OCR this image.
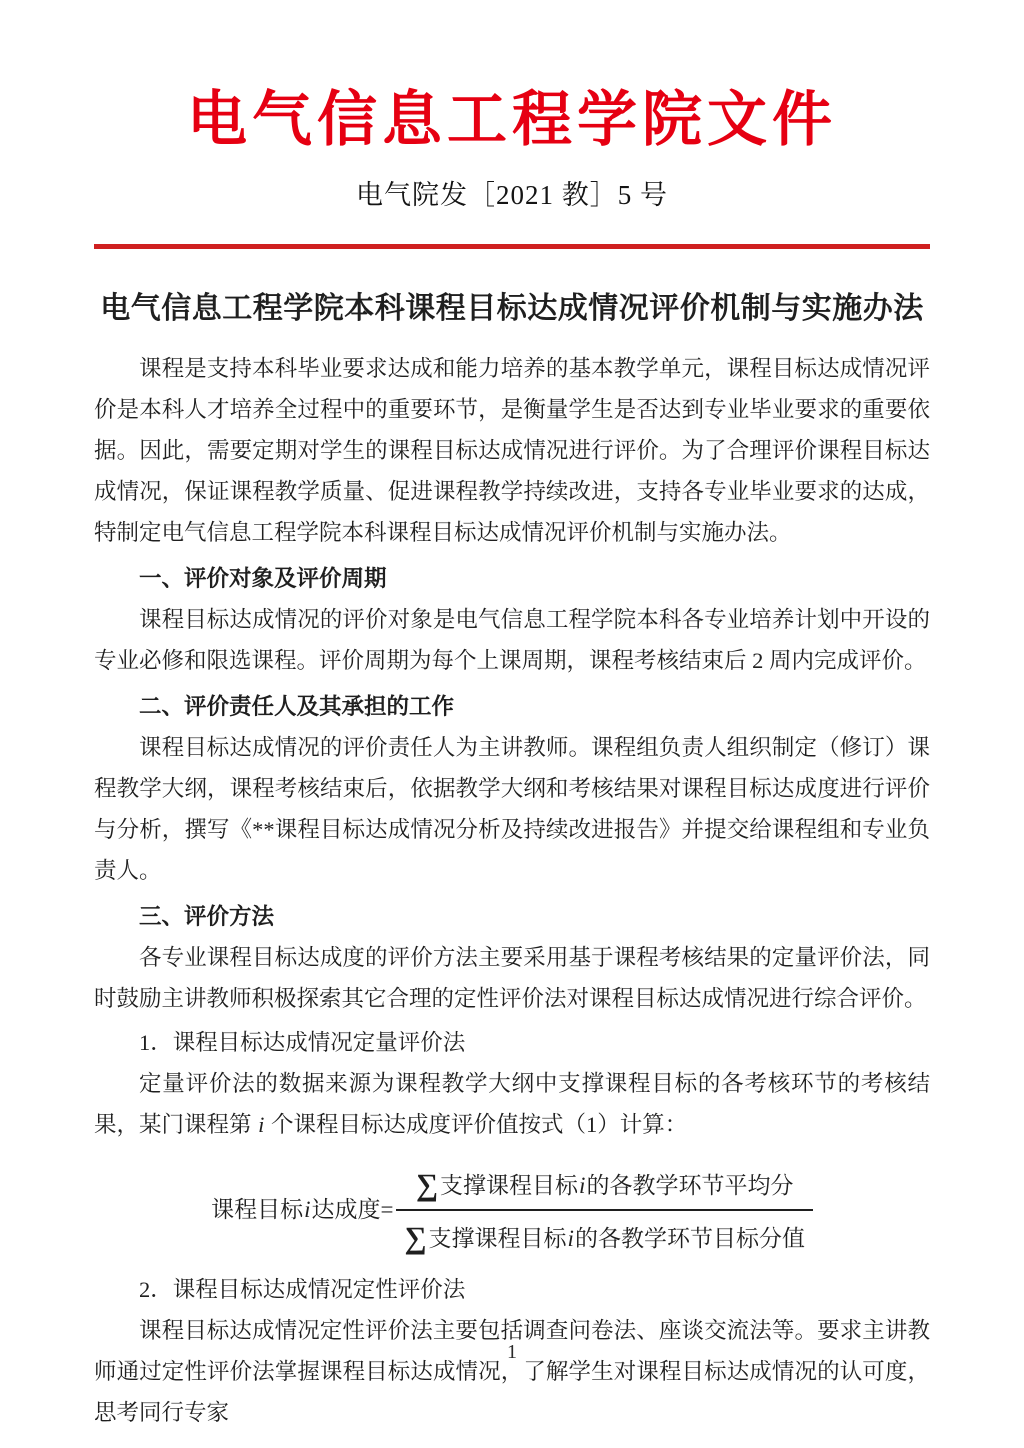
电气信息工程学院文件
电气院发［2021 教］5 号
电气信息工程学院本科课程目标达成情况评价机制与实施办法

课程是支持本科毕业要求达成和能力培养的基本教学单元，课程目标达成情况评价是本科人才培养全过程中的重要环节，是衡量学生是否达到专业毕业要求的重要依据。因此，需要定期对学生的课程目标达成情况进行评价。为了合理评价课程目标达成情况，保证课程教学质量、促进课程教学持续改进，支持各专业毕业要求的达成，特制定电气信息工程学院本科课程目标达成情况评价机制与实施办法。

一、评价对象及评价周期

课程目标达成情况的评价对象是电气信息工程学院本科各专业培养计划中开设的专业必修和限选课程。评价周期为每个上课周期，课程考核结束后 2 周内完成评价。

二、评价责任人及其承担的工作

课程目标达成情况的评价责任人为主讲教师。课程组负责人组织制定（修订）课程教学大纲，课程考核结束后，依据教学大纲和考核结果对课程目标达成度进行评价与分析，撰写《**课程目标达成情况分析及持续改进报告》并提交给课程组和专业负责人。

三、评价方法

各专业课程目标达成度的评价方法主要采用基于课程考核结果的定量评价法，同时鼓励主讲教师积极探索其它合理的定性评价法对课程目标达成情况进行综合评价。

1．课程目标达成情况定量评价法

定量评价法的数据来源为课程教学大纲中支撑课程目标的各考核环节的考核结果，某门课程第 i 个课程目标达成度评价值按式（1）计算：

课程目标i达成度= $\frac{\text{∑支撑课程目标i的各教学环节平均分}}{\text{∑支撑课程目标i的各教学环节目标分值}}$

2．课程目标达成情况定性评价法

课程目标达成情况定性评价法主要包括调查问卷法、座谈交流法等。要求主讲教师通过定性评价法掌握课程目标达成情况，了解学生对课程目标达成情况的认可度，思考同行专家

1
